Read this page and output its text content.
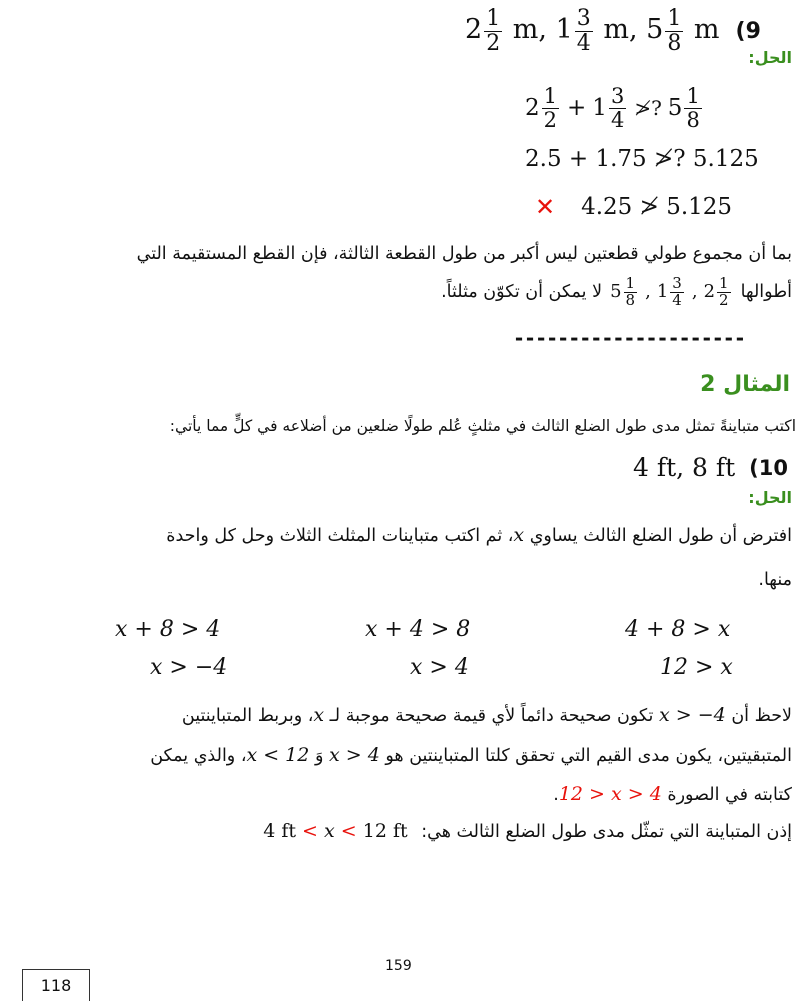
$2 \frac{1}{2} m$, $1 \frac{3}{4} m$, $5 \frac{1}{8}$ m (9
الحل:
$2 \frac{1}{2} + 1 \frac{3}{4}$ ≯? $5 \frac{1}{8}$
2.5 + 1.75 ≯? 5.125
✕ 4.25 ≯ 5.125
بما أن مجموع طولي قطعتين ليس أكبر من طول القطعة الثالثة، فإن القطع المستقيمة التي
أطوالها
$5 \frac{1}{8}$ , $1 \frac{3}{4}$ , $2 \frac{1}{2}$
لا يمكن أن تكوّن مثلثاً.
---------------------
المثال 2
اكتب متباينةً تمثل مدى طول الضلع الثالث في مثلثٍ عُلم طولًا ضلعين من أضلاعه في كلٍّ مما يأتي:
4 ft, 8 ft (10
الحل:
افترض أن طول الضلع الثالث يساوي x، ثم اكتب متباينات المثلث الثلاث وحل كل واحدة
منها.
x + 8 > 4	x + 4 > 8	4 + 8 > x
x > −4	x > 4	12 > x
لاحظ أن x > −4 تكون صحيحة دائماً لأي قيمة صحيحة موجبة لـ x، وبربط المتباينتين
المتبقيتين، يكون مدى القيم التي تحقق كلتا المتباينتين هو x > 4 وَ x < 12، والذي يمكن
كتابته في الصورة 12 > x > 4.
إذن المتباينة التي تمثّل مدى طول الضلع الثالث هي: 4 ft < x < 12 ft
159
118
